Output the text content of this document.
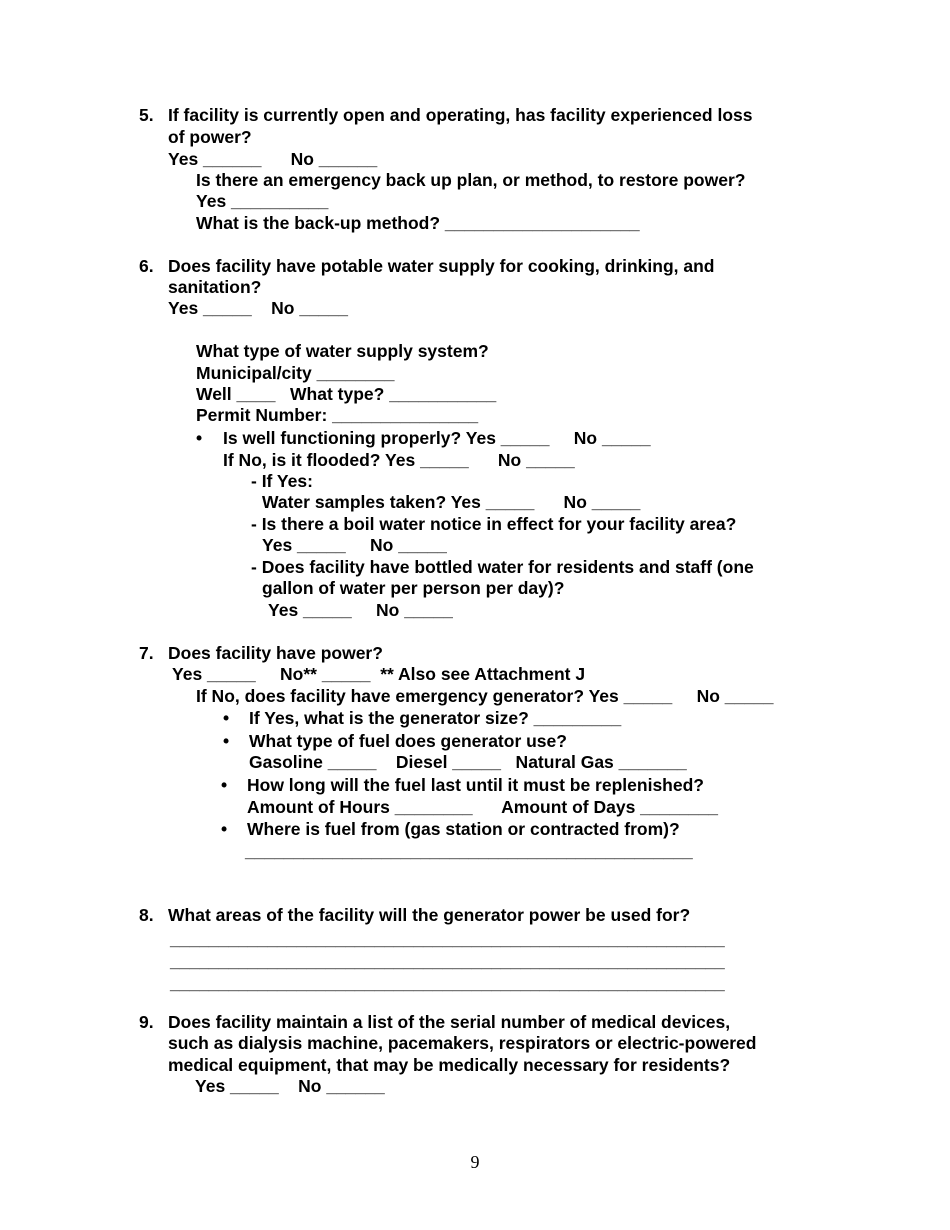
5. If facility is currently open and operating, has facility experienced loss
of power?
Yes ______      No ______
Is there an emergency back up plan, or method, to restore power?
Yes __________
What is the back-up method? ____________________
6. Does facility have potable water supply for cooking, drinking, and
sanitation?
Yes _____    No _____
What type of water supply system?
Municipal/city ________
Well ____   What type? ___________
Permit Number: _______________
• Is well functioning properly? Yes _____     No _____
If No, is it flooded? Yes _____      No _____
- If Yes:
Water samples taken? Yes _____      No _____
- Is there a boil water notice in effect for your facility area?
Yes _____     No _____
- Does facility have bottled water for residents and staff (one
gallon of water per person per day)?
Yes _____     No _____
7. Does facility have power?
Yes _____     No** _____  ** Also see Attachment J
If No, does facility have emergency generator? Yes _____     No _____
• If Yes, what is the generator size? _________
• What type of fuel does generator use?
Gasoline _____    Diesel _____   Natural Gas _______
• How long will the fuel last until it must be replenished?
Amount of Hours ________      Amount of Days ________
• Where is fuel from (gas station or contracted from)?
______________________________________________
8. What areas of the facility will the generator power be used for?
_________________________________________________________
_________________________________________________________
_________________________________________________________
9. Does facility maintain a list of the serial number of medical devices,
such as dialysis machine, pacemakers, respirators or electric-powered
medical equipment, that may be medically necessary for residents?
Yes _____    No ______
9
